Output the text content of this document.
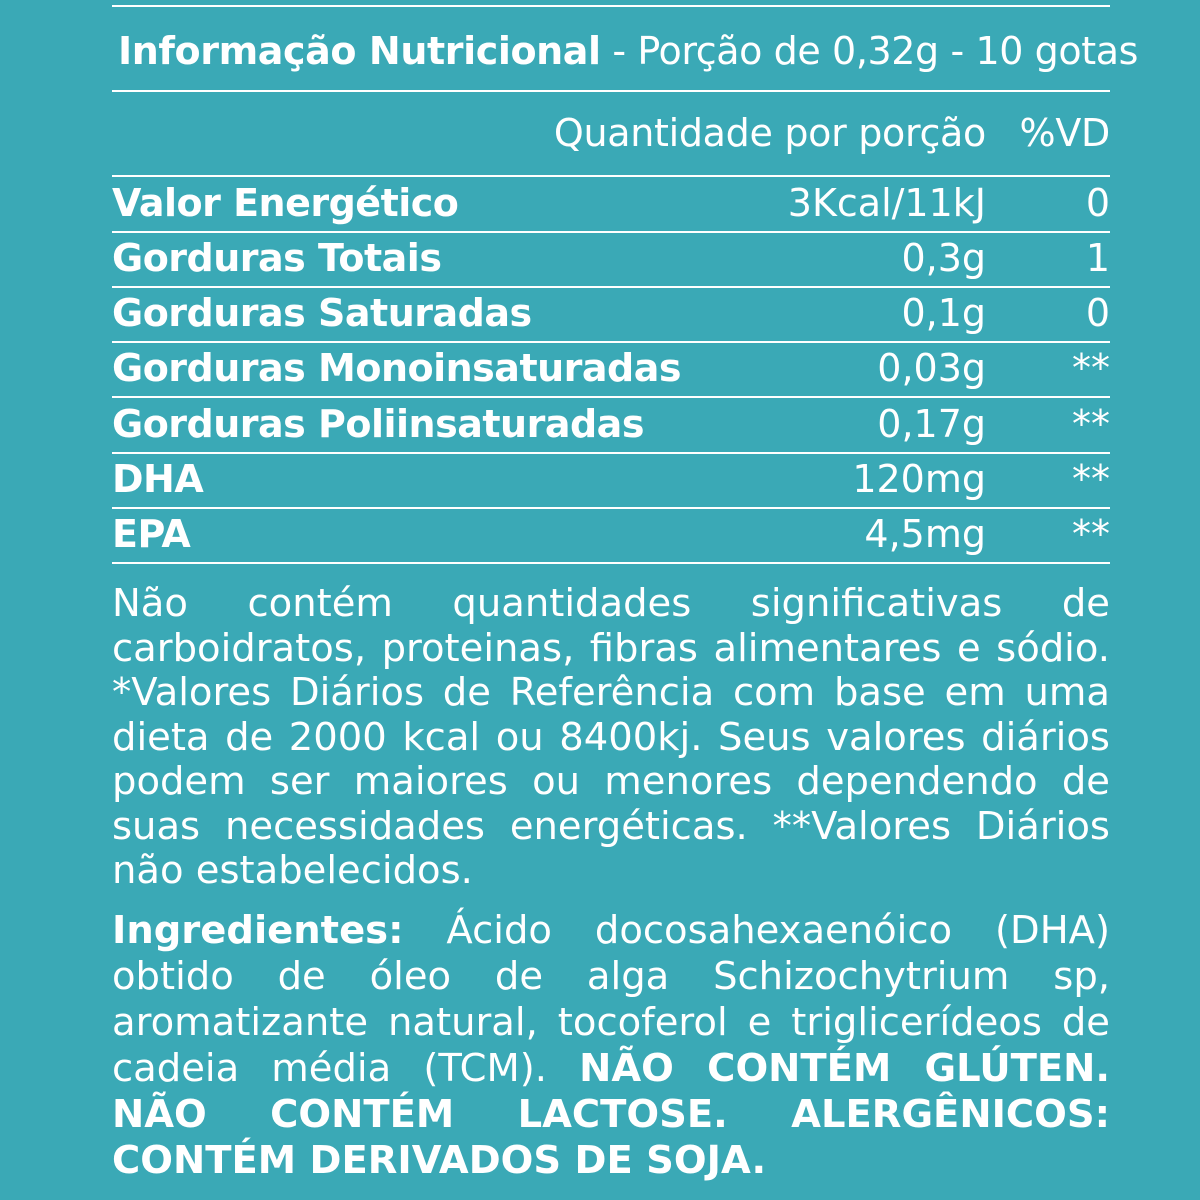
Informação Nutricional - Porção de 0,32g - 10 gotas
Quantidade por porção %VD
Valor Energético	3Kcal/11kJ	0
Gorduras Totais	0,3g	1
Gorduras Saturadas	0,1g	0
Gorduras Monoinsaturadas	0,03g **
Gorduras Poliinsaturadas	0,17g **
DHA	120mg **
EPA	4,5mg **
Não contém quantidades significativas de carboidratos, proteinas, fibras alimentares e sódio. *Valores Diários de Referência com base em uma dieta de 2000 kcal ou 8400kj. Seus valores diários podem ser maiores ou menores dependendo de suas necessidades energéticas. **Valores Diários não estabelecidos.
Ingredientes: Ácido docosahexaenóico (DHA) obtido de óleo de alga Schizochytrium sp, aromatizante natural, tocoferol e triglicerídeos de cadeia média (TCM). NÃO CONTÉM GLÚTEN. NÃO CONTÉM LACTOSE. ALERGÊNICOS: CONTÉM DERIVADOS DE SOJA.
